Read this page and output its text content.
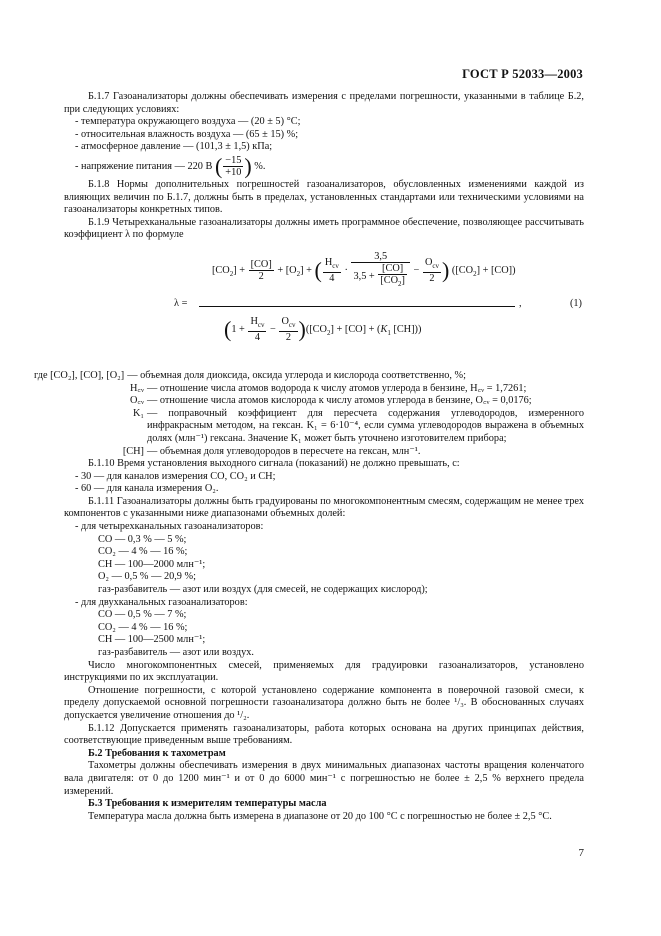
ГОСТ Р 52033—2003

Б.1.7 Газоанализаторы должны обеспечивать измерения с пределами погрешности, указанными в таблице Б.2, при следующих условиях:

- температура окружающего воздуха — (20 ± 5) °С;

- относительная влажность воздуха — (65 ± 15) %;

- атмосферное давление — (101,3 ± 1,5) кПа;

- напряжение питания — 220 В ( $\frac{-15}{+10}$ ) %.

Б.1.8 Нормы дополнительных погрешностей газоанализаторов, обусловленных изменениями каждой из влияющих величин по Б.1.7, должны быть в пределах, установленных стандартами или техническими условиями на газоанализаторы конкретных типов.

Б.1.9 Четырехканальные газоанализаторы должны иметь программное обеспечение, позволяющее рассчитывать коэффициент λ по формуле

λ =
$[CO_2] + \frac{[CO]}{2} + [O_2]$ + ( $\frac{H_{cv}}{4} \cdot \frac{3,5}{3,5 + \frac{[CO]}{[CO_2]}} - \frac{O_{cv}}{2}$ ) $([CO_2] + [CO])$
$(1 + \frac{H_{cv}}{4} - \frac{O_{cv}}{2} )([CO_2] + [CO] + (K_1$ [CH]))
,	(1)
где [CO₂], [CO], [O₂] — объемная доля диоксида, оксида углерода и кислорода соответственно, %;
H꜀ᵥ — отношение числа атомов водорода к числу атомов углерода в бензине, H꜀ᵥ = 1,7261;
O꜀ᵥ — отношение числа атомов кислорода к числу атомов углерода в бензине, O꜀ᵥ = 0,0176;
K₁ — поправочный коэффициент для пересчета содержания углеводородов, измеренного инфракрасным методом, на гексан. K₁ = 6·10⁻⁴, если сумма углеводородов выражена в объемных долях (млн⁻¹) гексана. Значение K₁ может быть уточнено изготовителем прибора;
[CH] — объемная доля углеводородов в пересчете на гексан, млн⁻¹.

Б.1.10 Время установления выходного сигнала (показаний) не должно превышать, с:

- 30 — для каналов измерения CO, CO₂ и CH;

- 60 — для канала измерения O₂.

Б.1.11 Газоанализаторы должны быть градуированы по многокомпонентным смесям, содержащим не менее трех компонентов с указанными ниже диапазонами объемных долей:

- для четырехканальных газоанализаторов:

CO — 0,3 % — 5 %;

CO₂ — 4 % — 16 %;

CH — 100—2000 млн⁻¹;

O₂ — 0,5 % — 20,9 %;

газ-разбавитель — азот или воздух (для смесей, не содержащих кислород);

- для двухканальных газоанализаторов:

CO — 0,5 % — 7 %;

CO₂ — 4 % — 16 %;

CH — 100—2500 млн⁻¹;

газ-разбавитель — азот или воздух.

Число многокомпонентных смесей, применяемых для градуировки газоанализаторов, установлено инструкциями по их эксплуатации.

Отношение погрешности, с которой установлено содержание компонента в поверочной газовой смеси, к пределу допускаемой основной погрешности газоанализатора должно быть не более ¹/₃. В обоснованных случаях допускается увеличение отношения до ¹/₂.

Б.1.12 Допускается применять газоанализаторы, работа которых основана на других принципах действия, соответствующие приведенным выше требованиям.

Б.2 Требования к тахометрам

Тахометры должны обеспечивать измерения в двух минимальных диапазонах частоты вращения коленчатого вала двигателя: от 0 до 1200 мин⁻¹ и от 0 до 6000 мин⁻¹ с погрешностью не более ± 2,5 % верхнего предела измерений.

Б.3 Требования к измерителям температуры масла

Температура масла должна быть измерена в диапазоне от 20 до 100 °С с погрешностью не более ± 2,5 °С.

7
